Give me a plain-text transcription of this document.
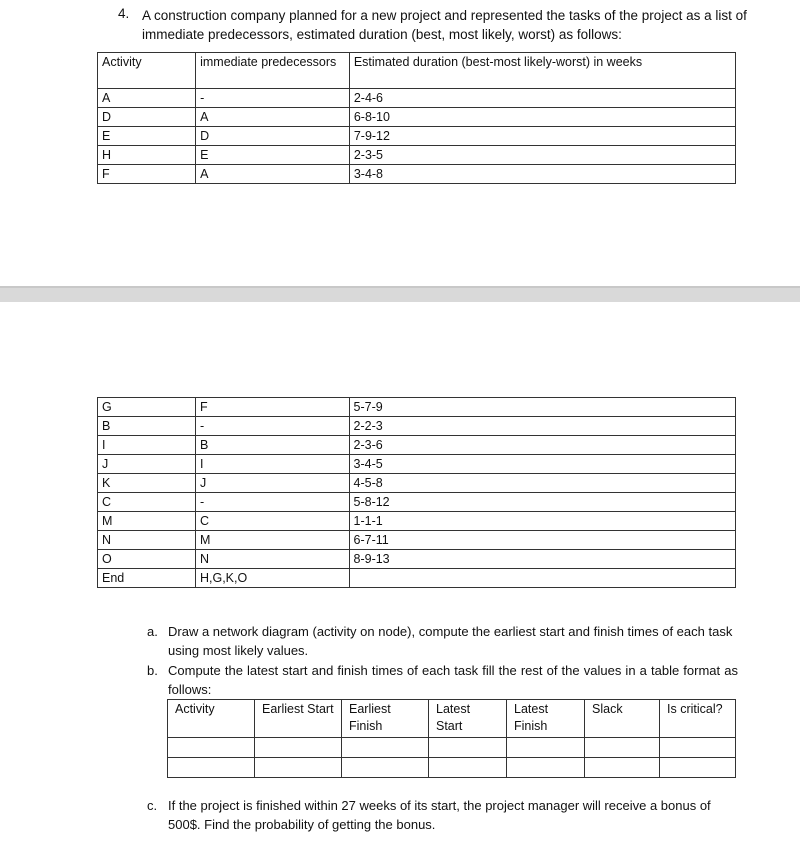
4. A construction company planned for a new project and represented the tasks of the project as a list of immediate predecessors, estimated duration (best, most likely, worst) as follows:
Activity	immediate predecessors	Estimated duration (best-most likely-worst) in weeks
A	-	2-4-6
D	A	6-8-10
E	D	7-9-12
H	E	2-3-5
F	A	3-4-8
G	F	5-7-9
B	-	2-2-3
I	B	2-3-6
J	I	3-4-5
K	J	4-5-8
C	-	5-8-12
M	C	1-1-1
N	M	6-7-11
O	N	8-9-13
End	H,G,K,O	
a. Draw a network diagram (activity on node), compute the earliest start and finish times of each task using most likely values.
b. Compute the latest start and finish times of each task fill the rest of the values in a table format as follows:
Activity	Earliest Start	Earliest Finish	Latest Start	Latest Finish	Slack	Is critical?

c. If the project is finished within 27 weeks of its start, the project manager will receive a bonus of 500$. Find the probability of getting the bonus.
